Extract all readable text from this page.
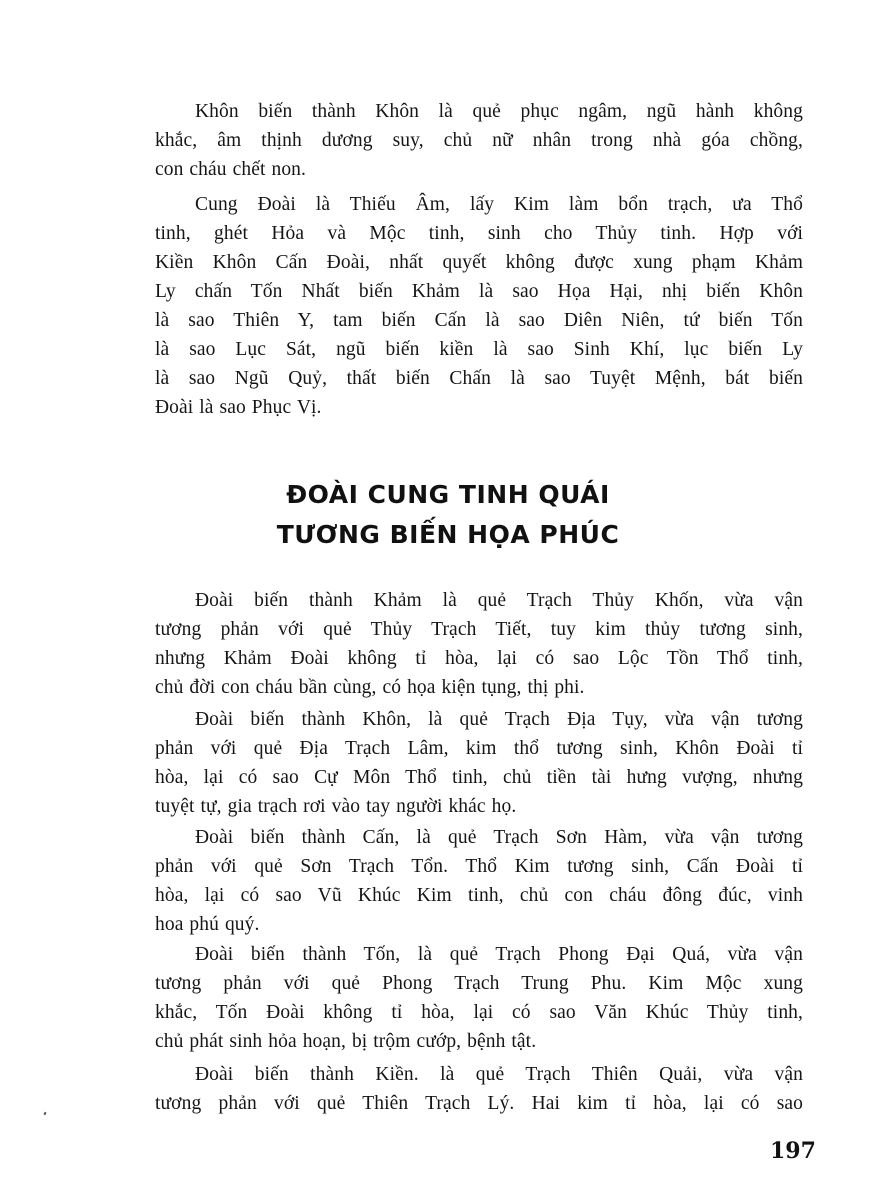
Khôn biến thành Khôn là quẻ phục ngâm, ngũ hành không
khắc, âm thịnh dương suy, chủ nữ nhân trong nhà góa chồng,
con cháu chết non.

Cung Đoài là Thiếu Âm, lấy Kim làm bổn trạch, ưa Thổ
tinh, ghét Hỏa và Mộc tinh, sinh cho Thủy tinh. Hợp với
Kiền Khôn Cấn Đoài, nhất quyết không được xung phạm Khảm
Ly chấn Tốn Nhất biến Khảm là sao Họa Hại, nhị biến Khôn
là sao Thiên Y, tam biến Cấn là sao Diên Niên, tứ biến Tốn
là sao Lục Sát, ngũ biến kiền là sao Sinh Khí, lục biến Ly
là sao Ngũ Quỷ, thất biến Chấn là sao Tuyệt Mệnh, bát biến
Đoài là sao Phục Vị.

ĐOÀI CUNG TINH QUÁI
TƯƠNG BIẾN HỌA PHÚC

Đoài biến thành Khảm là quẻ Trạch Thủy Khốn, vừa vận
tương phản với quẻ Thủy Trạch Tiết, tuy kim thủy tương sinh,
nhưng Khảm Đoài không tỉ hòa, lại có sao Lộc Tồn Thổ tinh,
chủ đời con cháu bần cùng, có họa kiện tụng, thị phi.

Đoài biến thành Khôn, là quẻ Trạch Địa Tụy, vừa vận tương
phản với quẻ Địa Trạch Lâm, kim thổ tương sinh, Khôn Đoài tỉ
hòa, lại có sao Cự Môn Thổ tinh, chủ tiền tài hưng vượng, nhưng
tuyệt tự, gia trạch rơi vào tay người khác họ.

Đoài biến thành Cấn, là quẻ Trạch Sơn Hàm, vừa vận tương
phản với quẻ Sơn Trạch Tổn. Thổ Kim tương sinh, Cấn Đoài tỉ
hòa, lại có sao Vũ Khúc Kim tinh, chủ con cháu đông đúc, vinh
hoa phú quý.

Đoài biến thành Tốn, là quẻ Trạch Phong Đại Quá, vừa vận
tương phản với quẻ Phong Trạch Trung Phu. Kim Mộc xung
khắc, Tốn Đoài không tỉ hòa, lại có sao Văn Khúc Thủy tinh,
chủ phát sinh hỏa hoạn, bị trộm cướp, bệnh tật.

Đoài biến thành Kiền. là quẻ Trạch Thiên Quải, vừa vận
tương phản với quẻ Thiên Trạch Lý. Hai kim tỉ hòa, lại có sao

197
